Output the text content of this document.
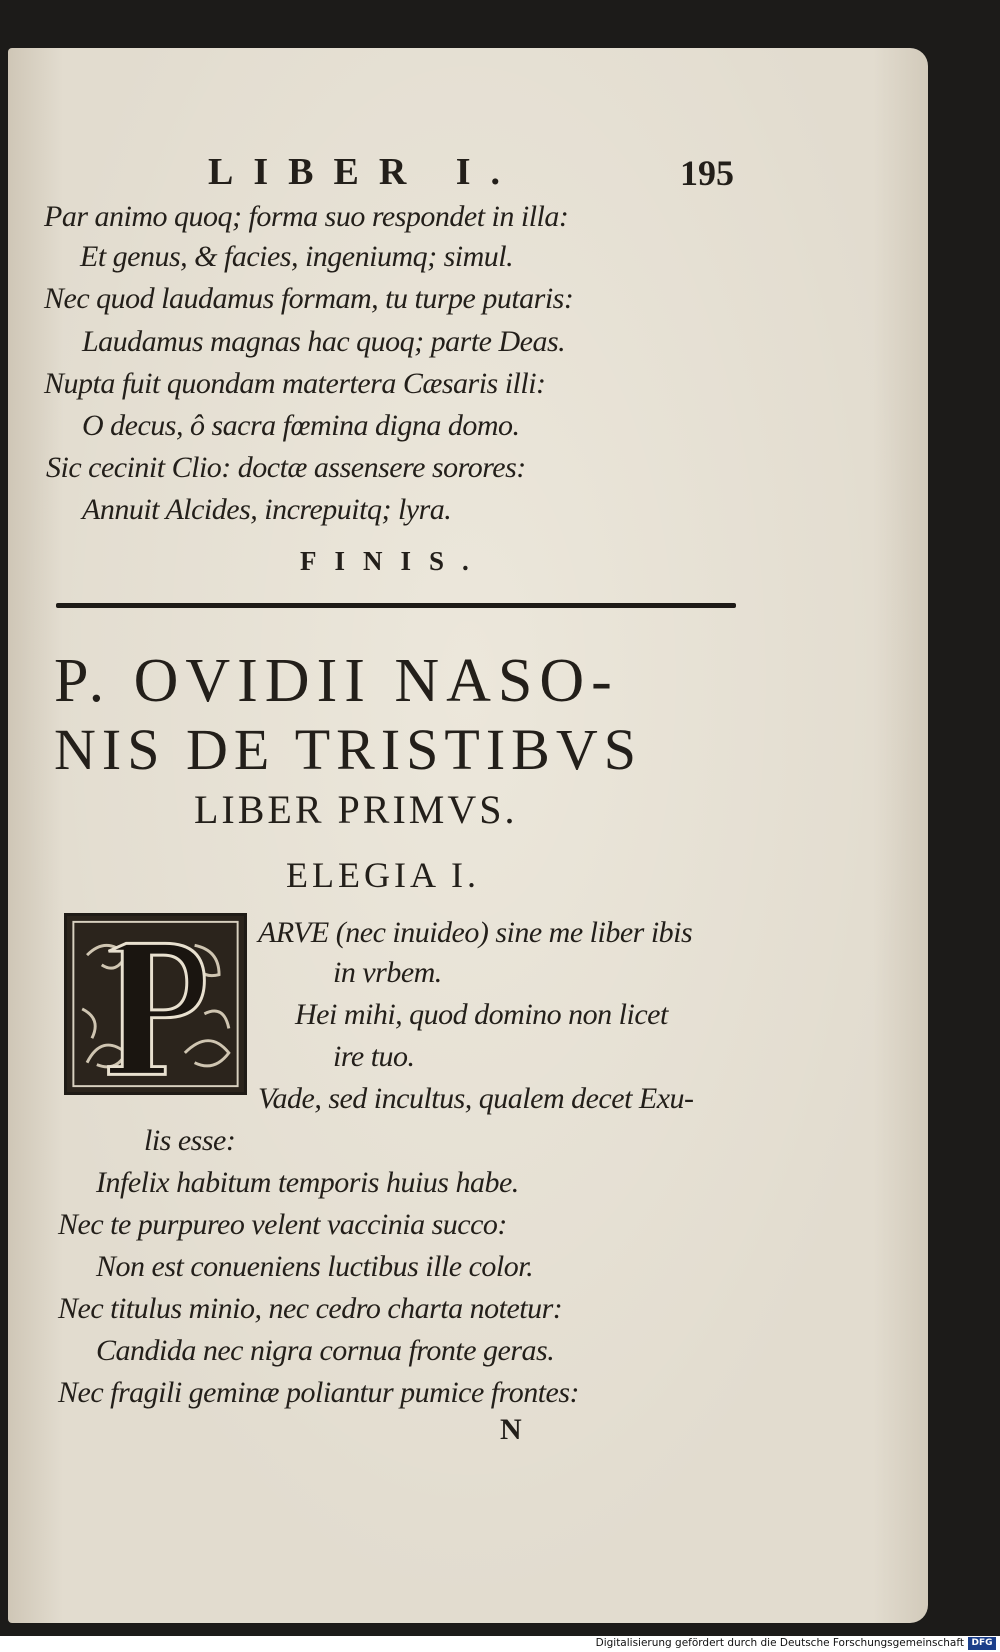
LIBER I.	195
Par animo quoq; forma suo respondet in illa:
Et genus, & facies, ingeniumq; simul.
Nec quod laudamus formam, tu turpe putaris:
Laudamus magnas hac quoq; parte Deas.
Nupta fuit quondam matertera Cæsaris illi:
O decus, ô sacra fœmina digna domo.
Sic cecinit Clio: doctæ assensere sorores:
Annuit Alcides, increpuitq; lyra.
FINIS.
P. OVIDII NASO-
NIS DE TRISTIBVS
LIBER PRIMVS.
ELEGIA I.
ARVE (nec inuideo) sine me liber ibis
in vrbem.
Hei mihi, quod domino non licet
ire tuo.
Vade, sed incultus, qualem decet Exu-
lis esse:
Infelix habitum temporis huius habe.
Nec te purpureo velent vaccinia succo:
Non est conueniens luctibus ille color.
Nec titulus minio, nec cedro charta notetur:
Candida nec nigra cornua fronte geras.
Nec fragili geminæ poliantur pumice frontes:
N
Digitalisierung gefördert durch die Deutsche Forschungsgemeinschaft DFG
